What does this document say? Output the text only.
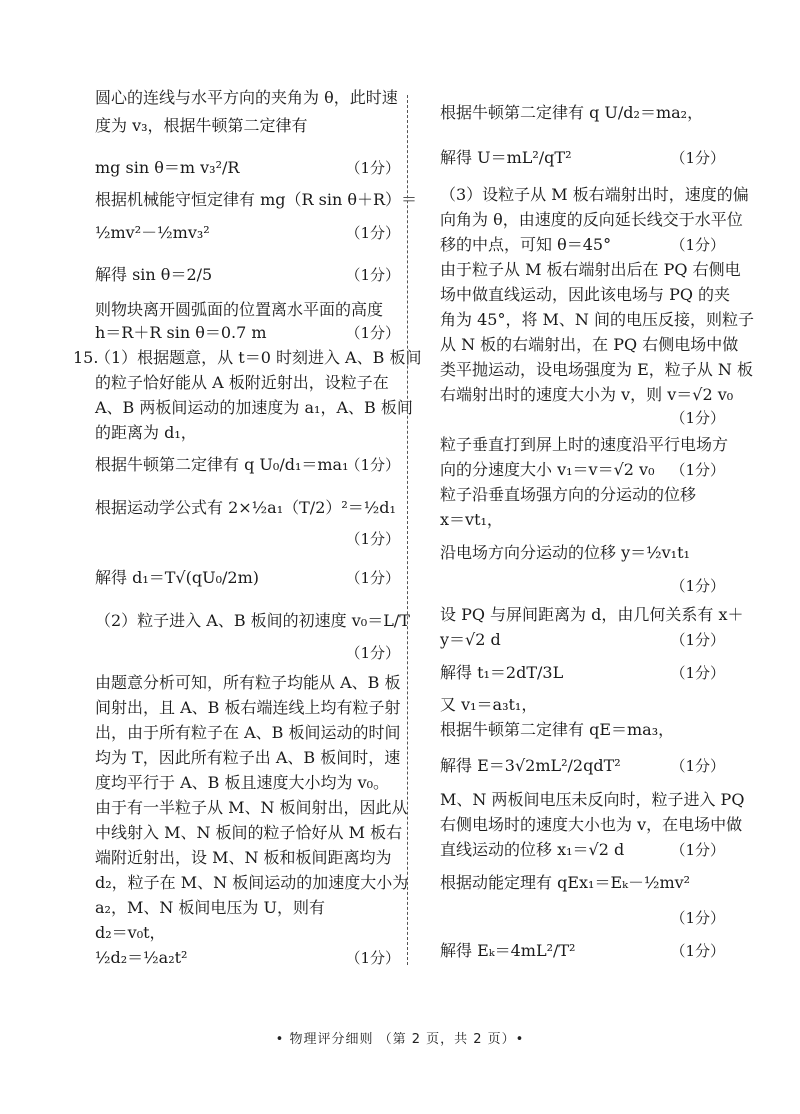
圆心的连线与水平方向的夹角为 θ，此时速
度为 v₃，根据牛顿第二定律有
mg sin θ＝m v₃²/R	（1分）
根据机械能守恒定律有 mg（R sin θ＋R）＝
½mv²－½mv₃²	（1分）
解得 sin θ＝2/5	（1分）
则物块离开圆弧面的位置离水平面的高度
h＝R＋R sin θ＝0.7 m	（1分）
15.
（1）根据题意，从 t＝0 时刻进入 A、B 板间
的粒子恰好能从 A 板附近射出，设粒子在
A、B 两板间运动的加速度为 a₁，A、B 板间
的距离为 d₁，
根据牛顿第二定律有 q U₀/d₁＝ma₁
（1分）
根据运动学公式有 2×½a₁（T/2）²＝½d₁
（1分）
解得 d₁＝T√(qU₀/2m)	（1分）
（2）粒子进入 A、B 板间的初速度 v₀＝L/T
（1分）
由题意分析可知，所有粒子均能从 A、B 板
间射出，且 A、B 板右端连线上均有粒子射
出，由于所有粒子在 A、B 板间运动的时间
均为 T，因此所有粒子出 A、B 板间时，速
度均平行于 A、B 板且速度大小均为 v₀。
由于有一半粒子从 M、N 板间射出，因此从
中线射入 M、N 板间的粒子恰好从 M 板右
端附近射出，设 M、N 板和板间距离均为
d₂，粒子在 M、N 板间运动的加速度大小为
a₂，M、N 板间电压为 U，则有
d₂＝v₀t，
½d₂＝½a₂t²	（1分）
根据牛顿第二定律有 q U/d₂＝ma₂，
解得 U＝mL²/qT²	（1分）
（3）设粒子从 M 板右端射出时，速度的偏
向角为 θ，由速度的反向延长线交于水平位
移的中点，可知 θ＝45°	（1分）
由于粒子从 M 板右端射出后在 PQ 右侧电
场中做直线运动，因此该电场与 PQ 的夹
角为 45°，将 M、N 间的电压反接，则粒子
从 N 板的右端射出，在 PQ 右侧电场中做
类平抛运动，设电场强度为 E，粒子从 N 板
右端射出时的速度大小为 v，则 v＝√2 v₀
（1分）
粒子垂直打到屏上时的速度沿平行电场方
向的分速度大小 v₁＝v＝√2 v₀ （1分）
粒子沿垂直场强方向的分运动的位移
x＝vt₁，
沿电场方向分运动的位移 y＝½v₁t₁
（1分）
设 PQ 与屏间距离为 d，由几何关系有 x＋
y＝√2 d	（1分）
解得 t₁＝2dT/3L	（1分）
又 v₁＝a₃t₁，
根据牛顿第二定律有 qE＝ma₃，
解得 E＝3√2mL²/2qdT²	（1分）
M、N 两板间电压未反向时，粒子进入 PQ
右侧电场时的速度大小也为 v，在电场中做
直线运动的位移 x₁＝√2 d	（1分）
根据动能定理有 qEx₁＝Eₖ－½mv²
（1分）
解得 Eₖ＝4mL²/T²	（1分）
• 物理评分细则 （第 2 页，共 2 页）•
